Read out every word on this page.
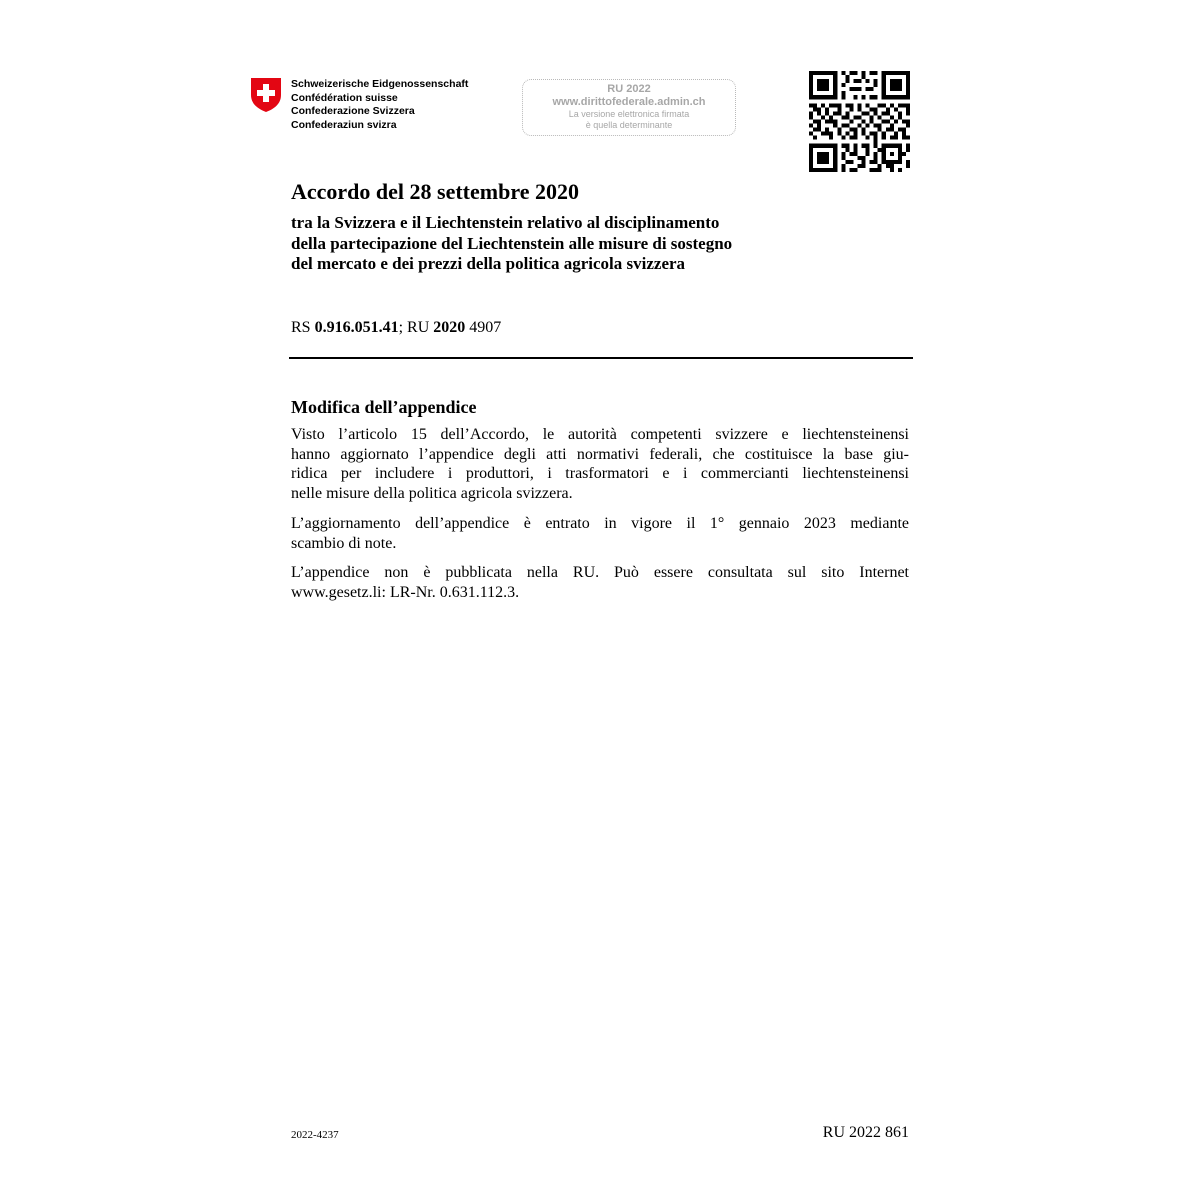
Schweizerische Eidgenossenschaft
Confédération suisse
Confederazione Svizzera
Confederaziun svizra
RU 2022
www.dirittofederale.admin.ch
La versione elettronica firmata
è quella determinante
Accordo del 28 settembre 2020
tra la Svizzera e il Liechtenstein relativo al disciplinamento
della partecipazione del Liechtenstein alle misure di sostegno
del mercato e dei prezzi della politica agricola svizzera
RS 0.916.051.41; RU 2020 4907
Modifica dell’appendice
Visto l’articolo 15 dell’Accordo, le autorità competenti svizzere e liechtensteinensi
hanno aggiornato l’appendice degli atti normativi federali, che costituisce la base giu-
ridica per includere i produttori, i trasformatori e i commercianti liechtensteinensi
nelle misure della politica agricola svizzera.
L’aggiornamento dell’appendice è entrato in vigore il 1° gennaio 2023 mediante
scambio di note.
L’appendice non è pubblicata nella RU. Può essere consultata sul sito Internet
www.gesetz.li: LR-Nr. 0.631.112.3.
2022-4237	RU 2022 861
